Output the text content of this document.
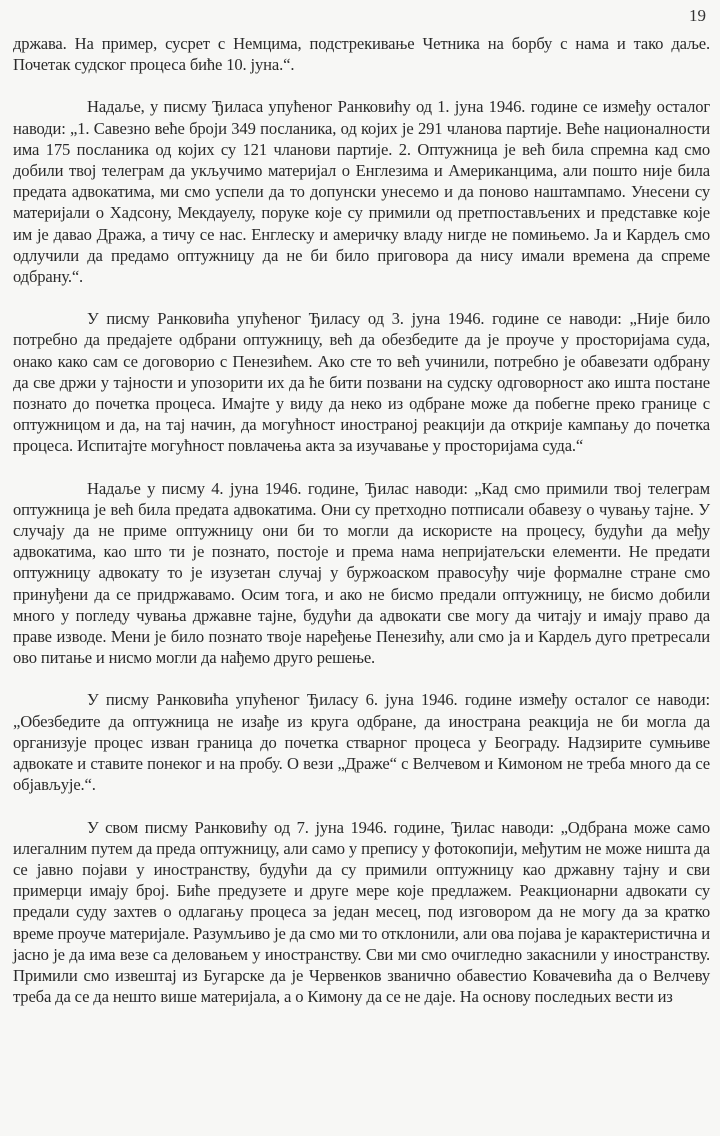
19

држава. На пример, сусрет с Немцима, подстрекивање Четника на борбу с нама и тако даље. Почетак судског процеса биће 10. јуна.“.

Надаље, у писму Ђиласа упућеног Ранковићу од 1. јуна 1946. године се између осталог наводи: „1. Савезно веће броји 349 посланика, од којих је 291 чланова партије. Веће националности има 175 посланика од којих су 121 чланови партије. 2. Оптужница је већ била спремна кад смо добили твој телеграм да укључимо материјал о Енглезима и Американцима, али пошто није била предата адвокатима, ми смо успели да то допунски унесемо и да поново наштампамо. Унесени су материјали о Хадсону, Мекдауелу, поруке које су примили од претпостављених и представке које им је давао Дража, а тичу се нас. Енглеску и америчку владу нигде не помињемо. Ја и Кардељ смо одлучили да предамо оптужницу да не би било приговора да нису имали времена да спреме одбрану.“.

У писму Ранковића упућеног Ђиласу од 3. јуна 1946. године се наводи: „Није било потребно да предајете одбрани оптужницу, већ да обезбедите да је проуче у просторијама суда, онако како сам се договорио с Пенезићем. Ако сте то већ учинили, потребно је обавезати одбрану да све држи у тајности и упозорити их да ће бити позвани на судску одговорност ако ишта постане познато до почетка процеса. Имајте у виду да неко из одбране може да побегне преко границе с оптужницом и да, на тај начин, да могућност иностраној реакцији да открије кампању до почетка процеса. Испитајте могућност повлачења акта за изучавање у просторијама суда.“

Надаље у писму 4. јуна 1946. године, Ђилас наводи: „Кад смо примили твој телеграм оптужница је већ била предата адвокатима. Они су претходно потписали обавезу о чувању тајне. У случају да не приме оптужницу они би то могли да искористе на процесу, будући да међу адвокатима, као што ти је познато, постоје и према нама непријатељски елементи. Не предати оптужницу адвокату то је изузетан случај у буржоаском правосуђу чије формалне стране смо принуђени да се придржавамо. Осим тога, и ако не бисмо предали оптужницу, не бисмо добили много у погледу чувања државне тајне, будући да адвокати све могу да читају и имају право да праве изводе. Мени је било познато твоје наређење Пенезићу, али смо ја и Кардељ дуго претресали ово питање и нисмо могли да нађемо друго решење.

У писму Ранковића упућеног Ђиласу 6. јуна 1946. године између осталог се наводи: „Обезбедите да оптужница не изађе из круга одбране, да инострана реакција не би могла да организује процес изван граница до почетка стварног процеса у Београду. Надзирите сумњиве адвокате и ставите понеког и на пробу. О вези „Драже“ с Велчевом и Кимоном не треба много да се објављује.“.

У свом писму Ранковићу од 7. јуна 1946. године, Ђилас наводи: „Одбрана може само илегалним путем да преда оптужницу, али само у препису у фотокопији, међутим не може ништа да се јавно појави у иностранству, будући да су примили оптужницу као државну тајну и сви примерци имају број. Биће предузете и друге мере које предлажем. Реакционарни адвокати су предали суду захтев о одлагању процеса за један месец, под изговором да не могу да за кратко време проуче материјале. Разумљиво је да смо ми то отклонили, али ова појава је карактеристична и јасно је да има везе са деловањем у иностранству. Сви ми смо очигледно закаснили у иностранству. Примили смо извештај из Бугарске да је Червенков званично обавестио Ковачевића да о Велчеву треба да се да нешто више материјала, а о Кимону да се не даје. На основу последњих вести из
